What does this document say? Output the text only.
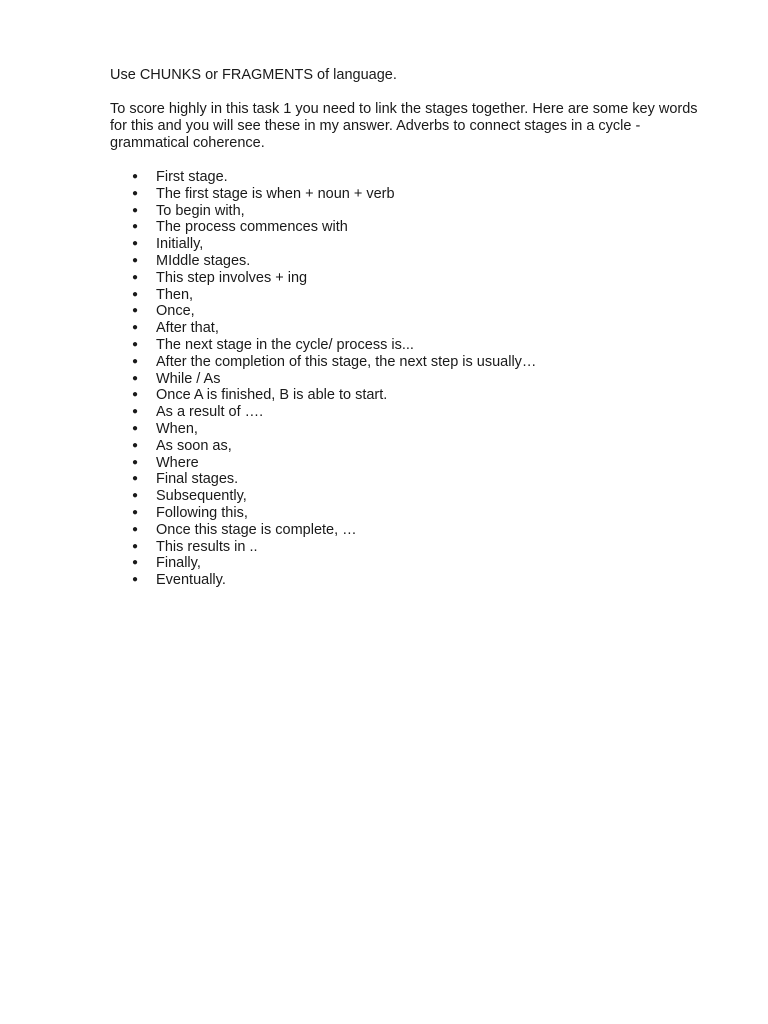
Use CHUNKS or FRAGMENTS of language.

To score highly in this task 1 you need to link the stages together. Here are some key words for this and you will see these in my answer. Adverbs to connect stages in a cycle - grammatical coherence.

● First stage.
● The first stage is when + noun + verb
● To begin with,
● The process commences with
● Initially,
● MIddle stages.
● This step involves + ing
● Then,
● Once,
● After that,
● The next stage in the cycle/ process is...
● After the completion of this stage, the next step is usually…
● While / As
● Once A is finished, B is able to start.
● As a result of ….
● When,
● As soon as,
● Where
● Final stages.
● Subsequently,
● Following this,
● Once this stage is complete, …
● This results in ..
● Finally,
● Eventually.
